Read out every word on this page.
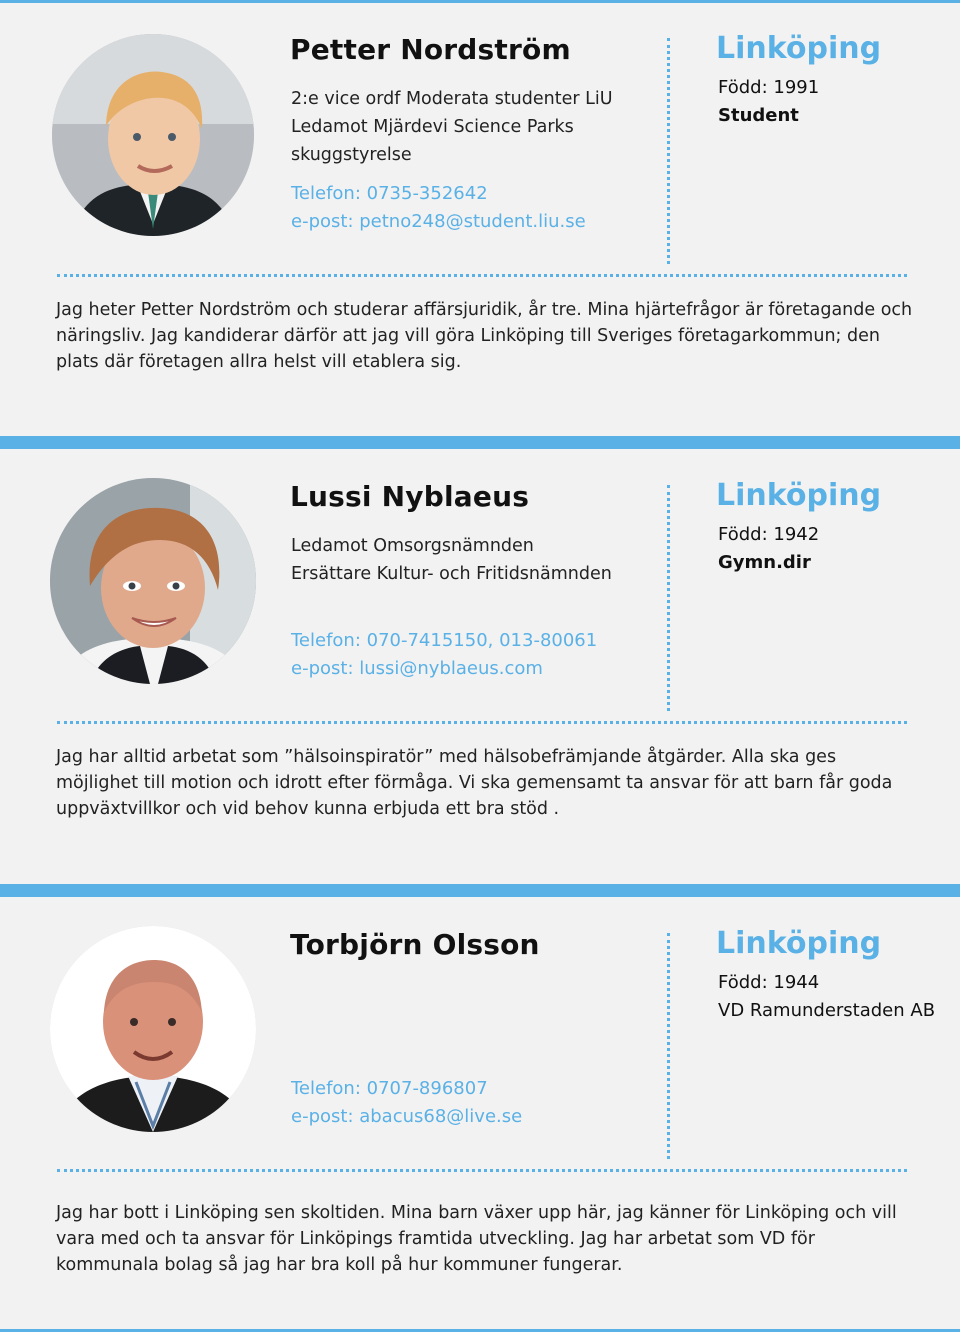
Petter Nordström
2:e vice ordf Moderata studenter LiU
Ledamot Mjärdevi Science Parks
skuggstyrelse
Telefon: 0735-352642
e-post: petno248@student.liu.se
Linköping
Född: 1991
Student
Jag heter Petter Nordström och studerar affärsjuridik, år tre. Mina hjärtefrågor är företagande och näringsliv. Jag kandiderar därför att jag vill göra Linköping till Sveriges företagarkommun; den plats där företagen allra helst vill etablera sig.
Lussi Nyblaeus
Ledamot Omsorgsnämnden
Ersättare Kultur- och Fritidsnämnden
Telefon: 070-7415150, 013-80061
e-post: lussi@nyblaeus.com
Linköping
Född: 1942
Gymn.dir
Jag har alltid arbetat som ”hälsoinspiratör” med hälsobefrämjande åtgärder. Alla ska ges möjlighet till motion och idrott efter förmåga. Vi ska gemensamt ta ansvar för att barn får goda uppväxtvillkor och vid behov kunna erbjuda ett bra stöd .
Torbjörn Olsson
Telefon: 0707-896807
e-post: abacus68@live.se
Linköping
Född: 1944
VD Ramunderstaden AB
Jag har bott i Linköping sen skoltiden. Mina barn växer upp här, jag känner för Linköping och vill vara med och ta ansvar för Linköpings framtida utveckling. Jag har arbetat som VD för kommunala bolag så jag har bra koll på hur kommuner fungerar.
